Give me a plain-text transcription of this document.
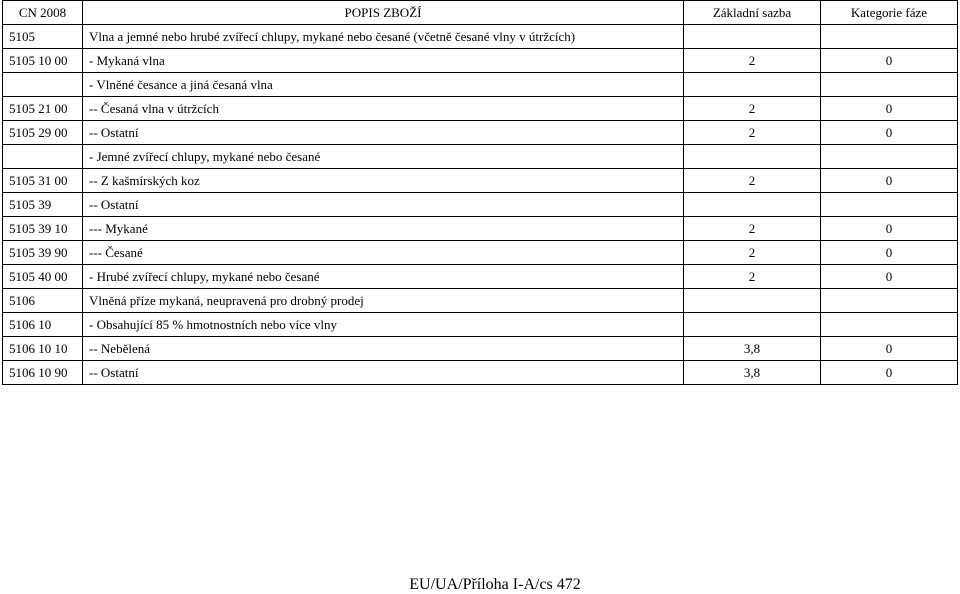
CN 2008	POPIS ZBOŽÍ	Základní sazba	Kategorie fáze
5105	Vlna a jemné nebo hrubé zvířecí chlupy, mykané nebo česané (včetně česané vlny v útržcích)		
5105 10 00	- Mykaná vlna	2	0
	- Vlněné česance a jiná česaná vlna		
5105 21 00	-- Česaná vlna v útržcích	2	0
5105 29 00	-- Ostatní	2	0
	- Jemné zvířecí chlupy, mykané nebo česané		
5105 31 00	-- Z kašmírských koz	2	0
5105 39	-- Ostatní		
5105 39 10	--- Mykané	2	0
5105 39 90	--- Česané	2	0
5105 40 00	- Hrubé zvířecí chlupy, mykané nebo česané	2	0
5106	Vlněná příze mykaná, neupravená pro drobný prodej		
5106 10	- Obsahující 85 % hmotnostních nebo více vlny		
5106 10 10	-- Nebělená	3,8	0
5106 10 90	-- Ostatní	3,8	0
EU/UA/Příloha I-A/cs 472
